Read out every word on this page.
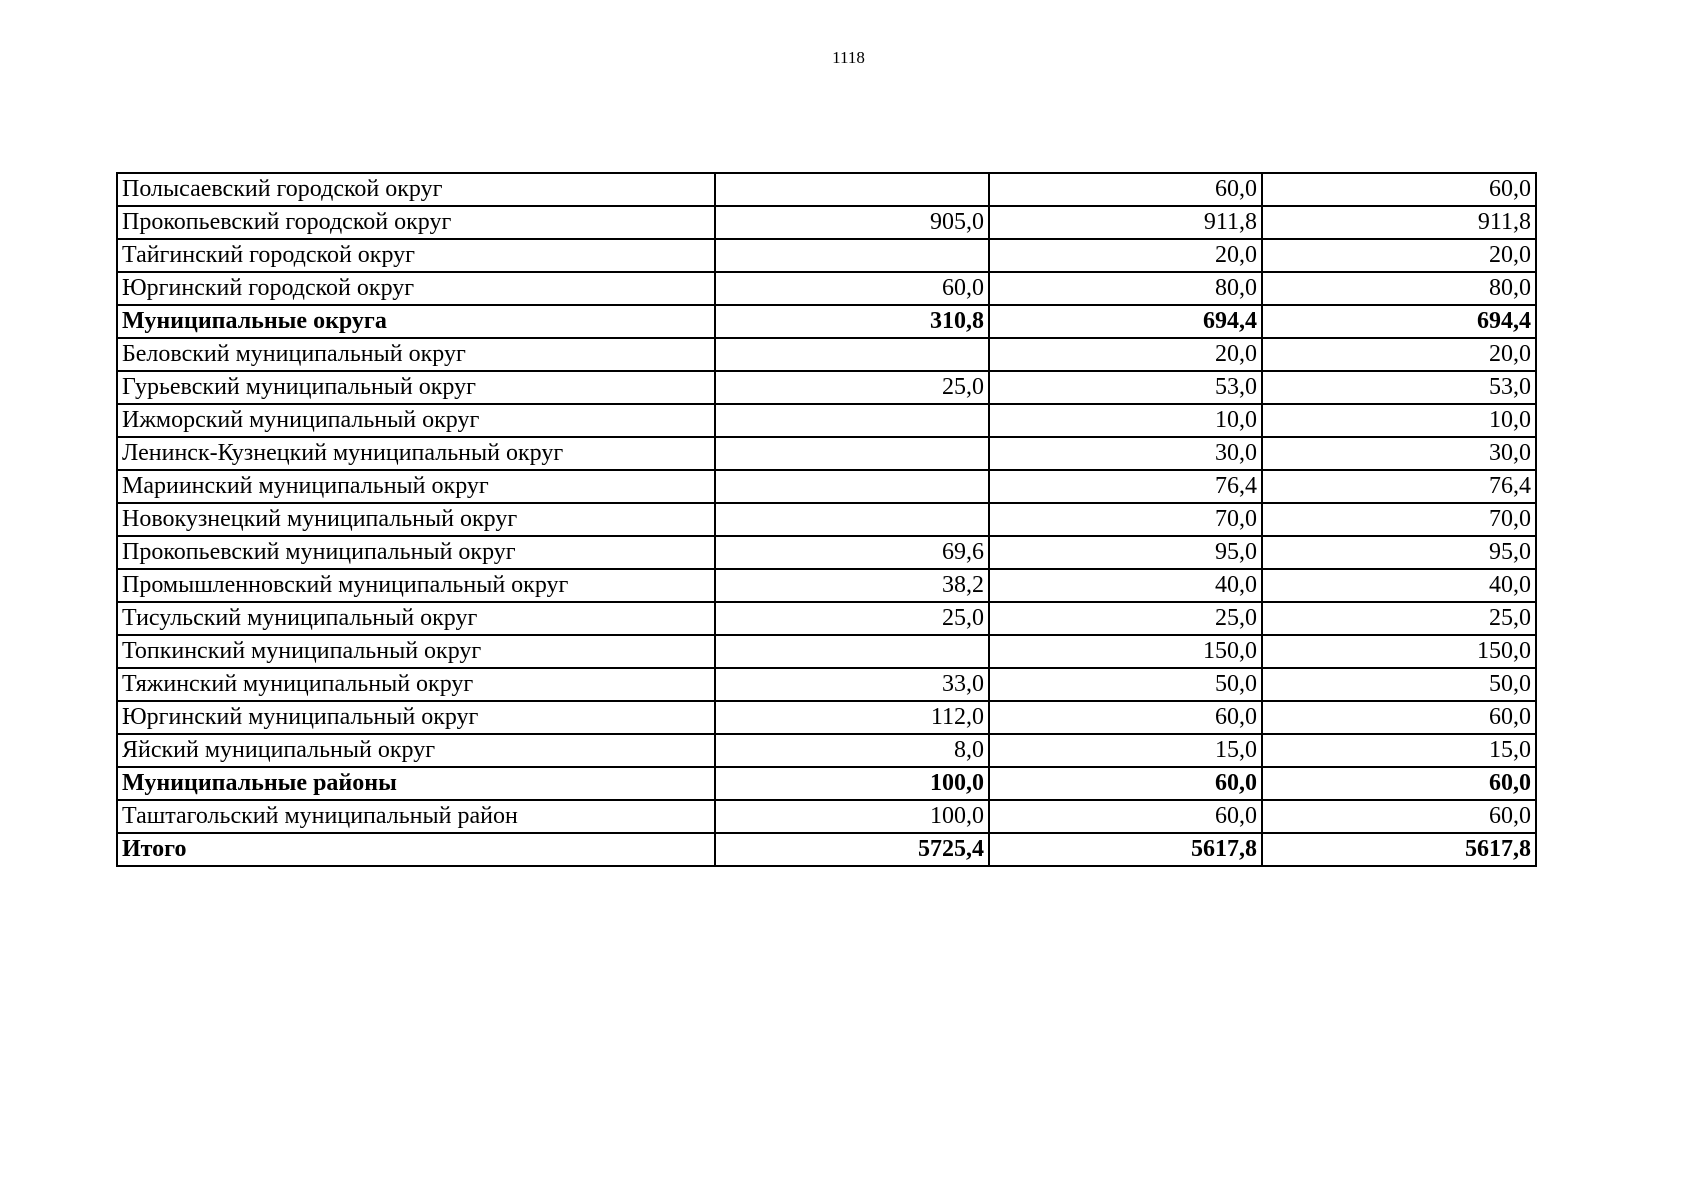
1118
Полысаевский городской округ		60,0	60,0
Прокопьевский городской округ	905,0	911,8	911,8
Тайгинский городской округ		20,0	20,0
Юргинский городской округ	60,0	80,0	80,0
Муниципальные округа	310,8	694,4	694,4
Беловский муниципальный округ		20,0	20,0
Гурьевский муниципальный округ	25,0	53,0	53,0
Ижморский муниципальный округ		10,0	10,0
Ленинск-Кузнецкий муниципальный округ		30,0	30,0
Мариинский муниципальный округ		76,4	76,4
Новокузнецкий муниципальный округ		70,0	70,0
Прокопьевский муниципальный округ	69,6	95,0	95,0
Промышленновский муниципальный округ	38,2	40,0	40,0
Тисульский муниципальный округ	25,0	25,0	25,0
Топкинский муниципальный округ		150,0	150,0
Тяжинский муниципальный округ	33,0	50,0	50,0
Юргинский муниципальный округ	112,0	60,0	60,0
Яйский муниципальный округ	8,0	15,0	15,0
Муниципальные районы	100,0	60,0	60,0
Таштагольский муниципальный район	100,0	60,0	60,0
Итого	5725,4	5617,8	5617,8
